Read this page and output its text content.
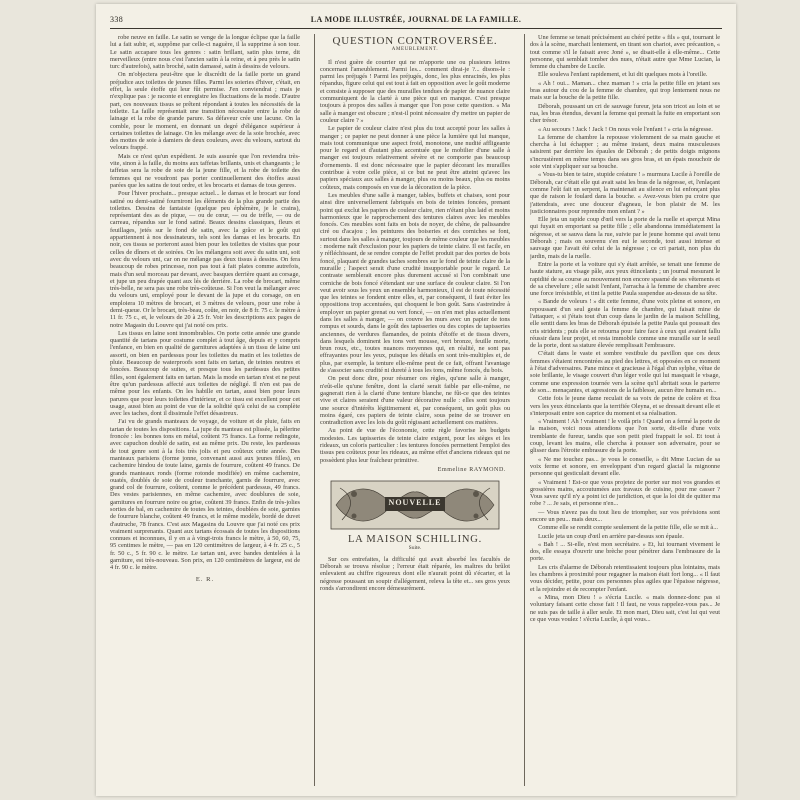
338	LA MODE ILLUSTRÉE, JOURNAL DE LA FAMILLE.

robe neuve en faille. Le satin se venge de la longue éclipse que la faille lui a fait subir, et, suppôme par celle-ci naguère, il la supprime à son tour. Le satin accapare tous les genres : satin brillant, satin plus terne, dit merveilleux (entre nous c'est l'ancien satin à la reine, et à peu près le satin turc d'autrefois), satin broché, satin damassé, satin à dessins de velours.

On m'objectera peut-être que le discrédit de la faille porte un grand préjudice aux toilettes de jeunes filles. Parmi les soieries d'hiver, c'était, en effet, la seule étoffe qui leur fût permise. J'en conviendrai ; mais je n'explique pas : je raconte et enregistre les fluctuations de la mode. D'autre part, ces nouveaux tissus se prêtent répondant à toutes les nécessités de la toilette. La faille représentait une transition nécessaire entre la robe de lainage et la robe de grande parure. Sa défaveur crée une lacune. On la comble, pour le moment, en donnant un degré d'élégance supérieur à certaines toilettes de lainage. On les mélange avec de la soie brochée, avec des mottes de soie à damiers de deux couleurs, avec du velours, surtout du velours frappé.

Mais ce n'est qu'un expédient. Je suis assurée que l'on reviendra très-vite, sinon à la faille, du moins aux taffetas brillants, unis et changeants ; le taffetas sera la robe de soie de la jeune fille, et la robe de toilette des femmes qui ne voudront pas porter continuellement des étoffes aussi parées que les satins de tout ordre, et les brocarts et damas de tous genres.

Pour l'hiver prochain... presque actuel... le damas et le brocart sur fond satiné ou demi-satiné fourniront les éléments de la plus grande partie des toilettes. Dessins de fantaisie (quelque peu éphémère, je le crains), représentant des as de pique, — ou de cœur, — ou de trèfle, — ou de carreau, répandus sur le fond satiné. Beaux dessins classiques, fleurs et feuillages, jetés sur le fond de satin, avec la grâce et le goût qui appartiennent à nos dessinateurs, tels sont les damas et les brocarts. En noir, ces tissus se porteront aussi bien pour les toilettes de visites que pour celles de dîners et de soirées. On les mélangera soit avec du satin uni, soit avec du velours uni, car on ne mélange pas deux tissus à dessins. On fera beaucoup de robes princesse, non pas tout à fait plates comme autrefois, mais d'un seul morceau par devant, avec basques derrière quant au corsage, et jupe un peu drapée quant aux lés de derrière. La robe de brocart, même très-belle, ne sera pas une robe très-coûteuse. Si l'on veut la mélanger avec du velours uni, employé pour le devant de la jupe et du corsage, on en emploiera 10 mètres de brocart, et 3 mètres de velours, pour une robe à demi-queue. Or le brocart, très-beau, coûte, en noir, de 8 fr. 75 c. le mètre à 11 fr. 75 c., et, le velours de 20 à 25 fr. Voir les descriptions aux pages de notre Magasin du Louvre qui j'ai noté ces prix.

Les tissus en laine sont innombrables. On porte cette année une grande quantité de tartans pour costume complet à tout âge, depuis et y compris l'enfance, en bien en qualité de garnitures adaptées à un tissu de laine uni assorti, on bien en pardessus pour les toilettes du matin et les toilettes de pluie. Beaucoup de waterproofs sont faits en tartan, de teintes neutres et foncées. Beaucoup de suites, et presque tous les pardessus des petites filles, sont également faits en tartan. Mais la mode en tartan n'est et ne peut être qu'un pardessus affecté aux toilettes de négligé. Il n'en est pas de même pour les enfants. On les habille en tartan, aussi bien pour leurs parures que pour leurs toilettes d'intérieur, et ce tissu est excellent pour cet usage, aussi bien au point de vue de la solidité qu'à celui de sa complète avec les taches, dont il dissimule l'effet désastreux.

J'ai vu de grands manteaux de voyage, de voiture et de pluie, faits en tartan de toutes les dispositions. La jupe du manteau est plissée, la pèlerine froncée : les bonnes tons en métal, coûtent 75 francs. La forme redingote, avec capuchon doublé de satin, est au même prix. Du reste, les pardessus de tout genre sont à la fois très jolis et peu coûteux cette année. Des manteaux parisiens (forme jonne, convenant aussi aux jeunes filles), en cachemire hindou de toute laine, garnis de fourrure, coûtent 49 francs. De grands manteaux ronds (forme rotonde modifiée) en même cachemire, ouatés, doublés de soie de couleur tranchante, garnis de fourrure, avec grand col de fourrure, coûtent, comme le précédent pardessus, 49 francs. Des vestes parisiennes, en même cachemire, avec doublures de soie, garnitures en fourrure noire ou grise, coûtent 39 francs. Enfin de très-jolies sorties de bal, en cachemire de toutes les teintes, doublées de soie, garnies de fourrure blanche, coûtent 49 francs, et le même modèle, bordé de duvet d'autruche, 78 francs. C'est aux Magasins du Louvre que j'ai noté ces prix vraiment surprenants. Quant aux tartans écossais de toutes les dispositions connues et inconnues, il y en a à vingt-trois francs le mètre, à 50, 60, 75, 95 centimes le mètre, — pas en 120 centimètres de largeur, à 4 fr. 25 c., 5 fr. 50 c., 5 fr. 90 c. le mètre. Le tartan uni, avec bandes dentelées à la garniture, est très-nouveau. Son prix, en 120 centimètres de largeur, est de 4 fr. 90 c. le mètre.

E. R.
QUESTION CONTROVERSÉE.
AMEUBLEMENT.

Il n'est guère de courrier qui ne m'apporte une ou plusieurs lettres concernant l'ameublement. Parmi les... comment dirai-je ?... disons-le : parmi les préjugés ! Parmi les préjugés, donc, les plus enracinés, les plus répandus, figure celui qui est tout à fait en opposition avec le goût moderne et consiste à supposer que des murailles tendues de papier de nuance claire communiquent de la clarté à une pièce qui en manque. C'est presque toujours à propos des salles à manger que l'on pose cette question. « Ma salle à manger est obscure ; n'est-il point nécessaire d'y mettre un papier de couleur claire ? »

Le papier de couleur claire n'est plus du tout accepté pour les salles à manger ; ce papier ne peut donner à une pièce la lumière qui lui manque, mais tout communique une aspect froid, monotone, une nudité affligeante pour le regard et d'autant plus accentuée que le mobilier d'une salle à manger est toujours relativement sévère et ne comporte pas beaucoup d'ornements. Il est donc nécessaire que le papier décorant les murailles contribue à votre celle pièce, si ce but ne peut être atteint qu'avec les papiers spéciaux aux salles à manger, plus ou moins beaux, plus ou moins coûteux, mais composés en vue de la décoration de la pièce.

Les meubles d'une salle à manger, tables, buffets et chaises, sont pour ainsi dire universellement fabriqués en bois de teintes foncées, prenant point qui exclut les papiers de couleur claire, rien n'étant plus laid et moins harmonieux que le rapprochement des tentures claires avec les meubles foncés. Ces meubles sont faits en bois de noyer, de chêne, de palissandre ciré ou d'acajou ; les peintures des boiseries et des corniches se font, surtout dans les salles à manger, toujours de même couleur que les meubles : moderne naît d'exclusion pour les papiers de teinte claire. Il est facile, en y réfléchissant, de se rendre compte de l'effet produit par des portes de bois foncé, plaquant de grandes taches sombres sur le fond de teinte claire de la muraille ; l'aspect serait d'une crudité insupportable pour le regard. Le contraste semblerait encore plus durement accusé si l'on combinait une corniche de bois foncé s'étendant sur une surface de couleur claire. Si l'on veut avoir sous les yeux un ensemble harmonieux, il est de toute nécessité que les teintes se fondent entre elles, et, par conséquent, il faut éviter les oppositions trop accentuées, qui choquent le bon goût. Sans s'astreindre à employer un papier grenat ou vert foncé, — on n'en met plus actuellement dans les salles à manger, — on couvre les murs avec un papier de tons rompus et sourds, dans le goût des tapisseries ou des copies de tapisseries anciennes, de verdures flamandes, de points d'étoffe et de tissus divers, dans lesquels dominent les tons vert mousse, vert bronze, feuille morte, brun roux, etc., toutes nuances moyennes qui, en réalité, ne sont pas effrayantes pour les yeux, puisque les détails en sont très-multiples et, de plus, par exemple, la tenture elle-même peut de ce fait, offrant l'avantage de s'associer sans crudité ni dureté à tous les tons, même foncés, du bois.

On peut donc dire, pour résumer ces règles, qu'une salle à manger, n'eût-elle qu'une fenêtre, dont la clarté serait faible par elle-même, ne gagnerait rien à la clarté d'une tenture blanche, ne fût-ce que des teintes vive et claires seraient d'une valeur décorative nulle : elles sont toujours une source d'intérêts légitimement et, par conséquent, un goût plus ou moins égaré, ces papiers de teinte claire, sous peine de se trouver en contradiction avec les lois du goût régissant actuellement ces matières.

Au point de vue de l'économie, cette règle favorise les budgets modestes. Les tapisseries de teinte claire exigent, pour les sièges et les rideaux, un coloris particulier : les tentures foncées permettent l'emploi des tissus peu coûteux pour les rideaux, au même effet d'anciens rideaux qui ne possèdent plus leur fraîcheur primitive.

Emmeline RAYMOND.
NOUVELLE
LA MAISON SCHILLING.
Suite.

Sur ces entrefaites, la difficulté qui avait absorbé les facultés de Déborah se trouva résolue ; l'erreur était réparée, les maîtres du brûlot enlevaient au chiffre rigoureux dont elle n'aurait point dû s'écarter, et la négresse poussant un soupir d'allégement, releva la tête et... ses gros yeux ronds s'arrondirent encore démesurément.

Une femme se tenait précisément au chéré petite « fils » qui, tournant le dos à la scène, marchait lentement, en tirant son chariot, avec précaution, « tout comme s'il le faisait avec Joné », se disait-elle à elle-même... Cette personne, qui semblait tomber des nues, n'était autre que Mme Lucian, la femme du chambre de Lucile.

Elle souleva l'enfant rapidement, et lui dit quelques mots à l'oreille.

« Ah ! oui... Maman... chez maman ! » cria la petite fille en jetant ses bras autour du cou de la femme de chambre, qui trop lentement nous ne mais sur la bouche de la petite fille.

Déborah, poussant un cri de sauvage fureur, jeta son tricot au loin et se rua, les bras étendus, devant la femme qui prenait la fuite en emportant son cher trésor.

« Au secours ! Jack ! Jack ! On nous vole l'enfant ! » cria la négresse.

La femme de chambre la repousse violemment de sa main gauche et chercha à lui échapper ; au même instant, deux mains musculeuses saisirent par derrière les épaules de Déborah ; de petits doigts mignons s'incrustèrent en même temps dans ses gros bras, et un épais mouchoir de soie vint s'appliquer sur sa bouche.

« Vous-tu bien te taire, stupide créature ! » murmura Lucile à l'oreille de Déborah, car c'était elle qui avait saisi les bras de la négresse, et, l'enlaçant comme l'eût fait un serpent, la maintenait au silence en lui enfonçant plus que de raison le foulard dans la bouche. « Avez-vous bien pu croire que j'attendrais, avec une douceur d'agneau, le bon plaisir de M. les justicionnaires pour reprendre mon enfant ? »

Elle jeta un rapide coup d'œil vers la porte de la ruelle et aperçut Mina qui fuyait en emportant sa petite fille ; elle abandonna immédiatement la négresse, et se sauva dans la rue, suivie par le jeune homme qui avait tenu Déborah ; mais on souvenu s'en eut le seconde, tout aussi intense et sauvage que l'avait été celui de la négresse ; ce cri partait, non plus du jardin, mais de la ruelle.

Entre la porte et la voiture qui s'y était arrêtée, se tenait une femme de haute stature, au visage pâle, aux yeux étincelants ; un journal mesurant le rapidité de sa course au mouvement non encore spasmé de ses vêtements et de sa chevelure ; elle saisit l'enfant, l'arracha à la femme de chambre avec une force irrésistible, et tint la petite Paula suspendue au-dessus de sa tête.

« Bande de voleurs ! » dit cette femme, d'une voix pleine et sonore, en repoussant d'un seul geste la femme de chambre, qui faisait mine de l'attaquer, « si j'étais tout d'un coup dans le jardin de la maison Schilling, elle sentit dans les bras de Déborah épuisée la petite Paula qui poussait des cris stridents ; puis elle se retourna pour faire face à ceux qui avaient fallu réussir dans leur projet, et resta immobile comme une muraille sur le seuil de la porte, dont sa stature élevée remplissait l'embrasure.

C'était dans le vaste et sombre vestibule du pavillon que ces deux femmes s'étaient rencontrées au pied des lettres, et opposées en ce moment à l'état d'adversaires. Pane mince et gracieuse à l'égal d'un sylphe, vêtue de soie brillante, le visage couvert d'un léger voile qui lui masquait le visage, comme une expression tournée vers la scène qu'il abritait sous le parterre de son... menaçantes, et agressions de la faiblesse, aucun être humain en...

Cette fois le jeune dame reculait de sa voix de peine de colère et fixa vers les yeux étincelants que la terrifiée Oleyna, et se dressait devant elle et s'interposait entre son caprice du moment et sa réalisation.

« Vraiment ! Ah ! vraiment ! le voilà pris ! Quand on a fermé la porte de la maison, voici nous attendions que l'on sorte, dit-elle d'une voix tremblante de fureur, tandis que son petit pied frappait le sol. Et tout à coup, levant les mains, elle chercha à pousser son adversaire, pour se glisser dans l'étroite embrasure de la porte.

« Ne me touchez pas... je vous le conseille, » dit Mme Lucian de sa voix ferme et sonore, en enveloppant d'un regard glacial la mignonne personne qui gesticulait devant elle.

« Vraiment ! Est-ce que vous projetez de porter sur moi vos grandes et grossières mains, accoutumées aux travaux de cuisine, pour me casser ? Vous savez qu'il n'y a point ici de juridiction, et que la loi dit de quitter ma robe ? ... Je sais, et personne n'en...

— Vous n'avez pas du tout lieu de triompher, sur vos prévisions sont encore un peu... mais deux...

Comme elle se rendit compte seulement de la petite fille, elle se mit à...

Lucile jeta un coup d'œil en arrière par-dessus son épaule.

« Bah ! ... Si-elle, n'est mon secrétaire. » Et, lui tournant vivement le dos, elle essaya d'ouvrir une brèche pour pénétrer dans l'embrasure de la porte.

Les cris d'alarme de Déborah retentissaient toujours plus lointains, mais les chambres à proximité pour regagner la maison était fort long... « Il faut vous décider, petite, pour ces personnes plus agiles que l'épaisse négresse, et la rejoindre et de recompter l'enfant.

« Mina, mon Dieu ! » s'écria Lucile. « mais donnez-donc pas si voluntary faisant cette chose fait ! Il faut, ne vous rappelez-vous pas... Je ne suis pas de taille à aller seule. Et mon mari, Dieu sait, c'est lui qui veut ce que vous voulez ! s'écria Lucile, à qui vous...
